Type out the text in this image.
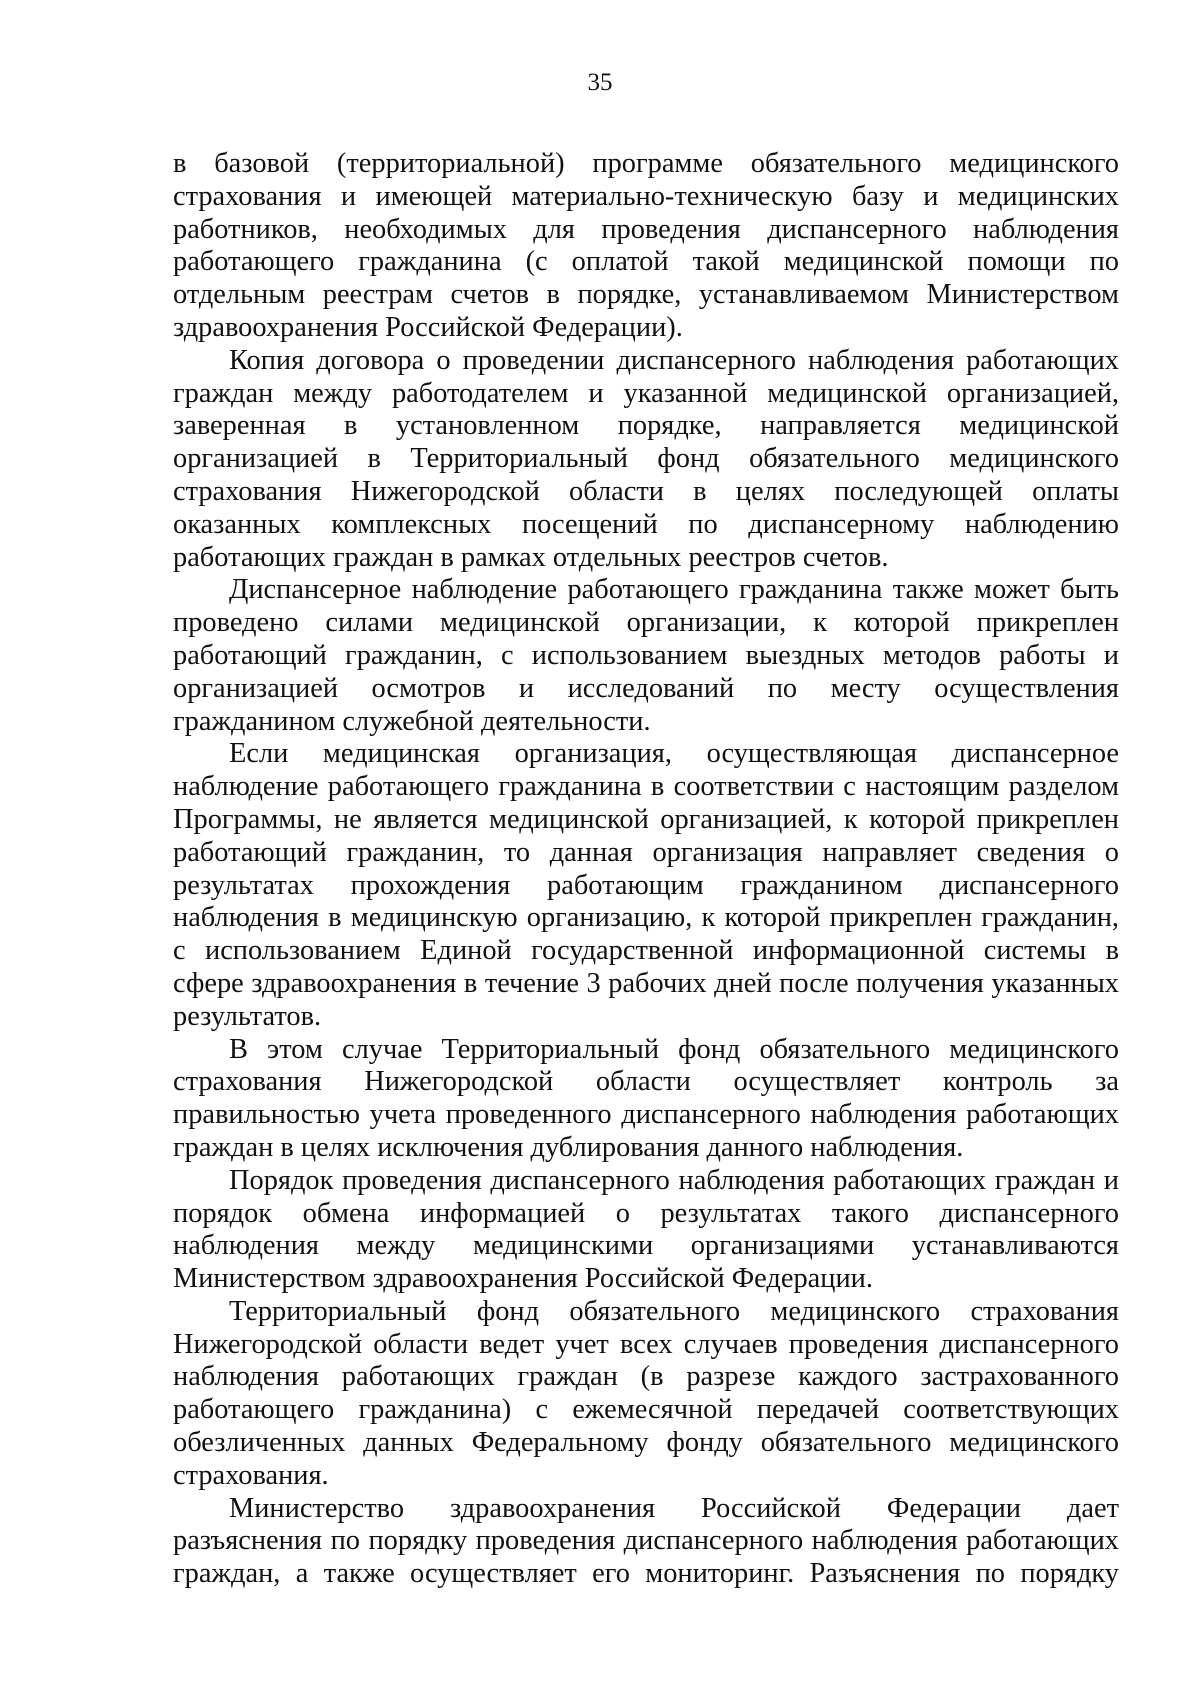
35
в базовой (территориальной) программе обязательного медицинского
страхования и имеющей материально-техническую базу и медицинских
работников, необходимых для проведения диспансерного наблюдения
работающего гражданина (с оплатой такой медицинской помощи по
отдельным реестрам счетов в порядке, устанавливаемом Министерством
здравоохранения Российской Федерации).
Копия договора о проведении диспансерного наблюдения работающих
граждан между работодателем и указанной медицинской организацией,
заверенная в установленном порядке, направляется медицинской
организацией в Территориальный фонд обязательного медицинского
страхования Нижегородской области в целях последующей оплаты
оказанных комплексных посещений по диспансерному наблюдению
работающих граждан в рамках отдельных реестров счетов.
Диспансерное наблюдение работающего гражданина также может быть
проведено силами медицинской организации, к которой прикреплен
работающий гражданин, с использованием выездных методов работы и
организацией осмотров и исследований по месту осуществления
гражданином служебной деятельности.
Если медицинская организация, осуществляющая диспансерное
наблюдение работающего гражданина в соответствии с настоящим разделом
Программы, не является медицинской организацией, к которой прикреплен
работающий гражданин, то данная организация направляет сведения о
результатах прохождения работающим гражданином диспансерного
наблюдения в медицинскую организацию, к которой прикреплен гражданин,
с использованием Единой государственной информационной системы в
сфере здравоохранения в течение 3 рабочих дней после получения указанных
результатов.
В этом случае Территориальный фонд обязательного медицинского
страхования Нижегородской области осуществляет контроль за
правильностью учета проведенного диспансерного наблюдения работающих
граждан в целях исключения дублирования данного наблюдения.
Порядок проведения диспансерного наблюдения работающих граждан и
порядок обмена информацией о результатах такого диспансерного
наблюдения между медицинскими организациями устанавливаются
Министерством здравоохранения Российской Федерации.
Территориальный фонд обязательного медицинского страхования
Нижегородской области ведет учет всех случаев проведения диспансерного
наблюдения работающих граждан (в разрезе каждого застрахованного
работающего гражданина) с ежемесячной передачей соответствующих
обезличенных данных Федеральному фонду обязательного медицинского
страхования.
Министерство здравоохранения Российской Федерации дает
разъяснения по порядку проведения диспансерного наблюдения работающих
граждан, а также осуществляет его мониторинг. Разъяснения по порядку
